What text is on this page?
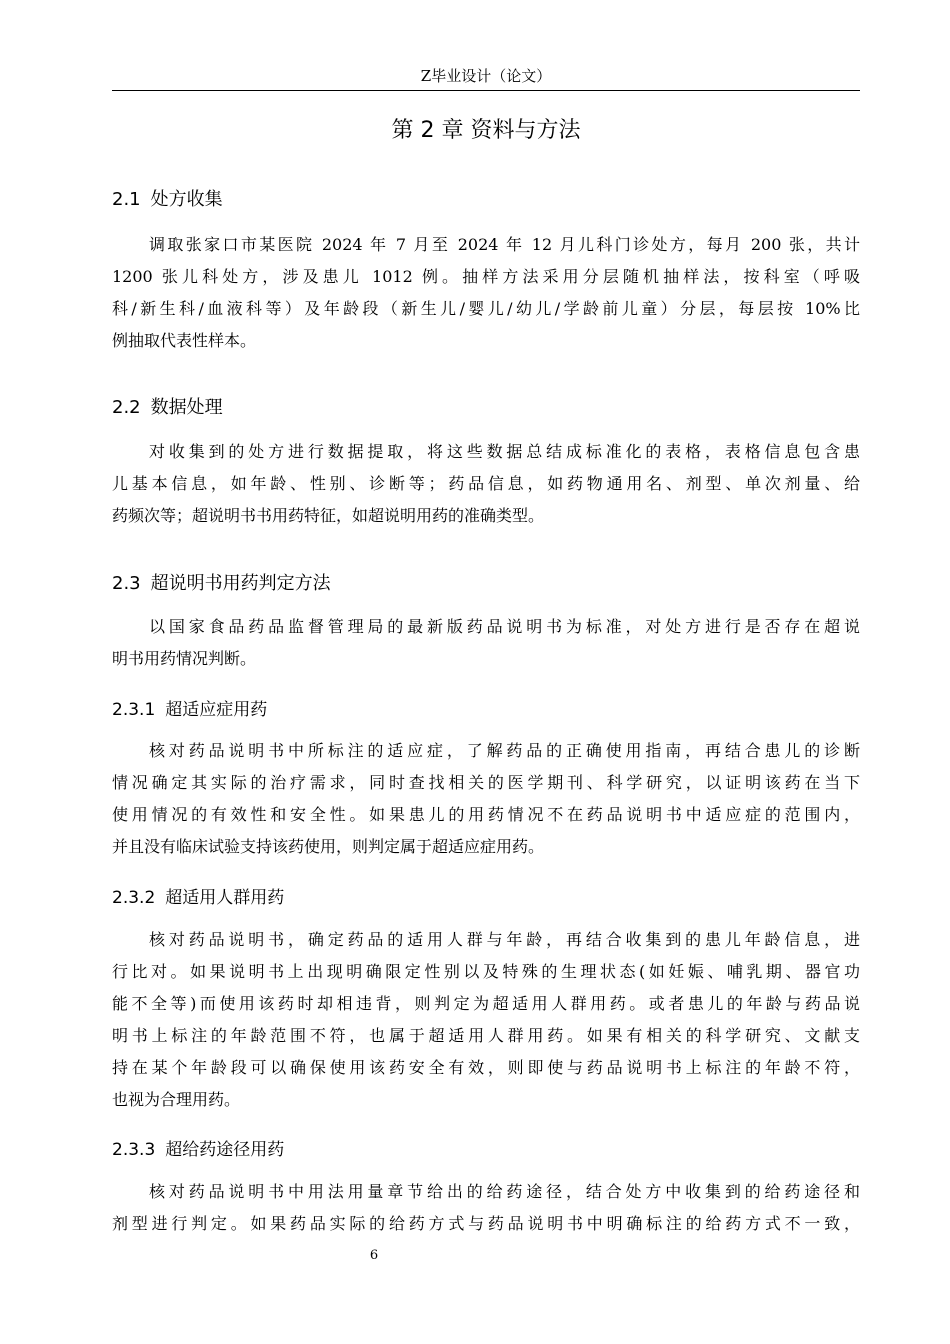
Z毕业设计（论文）
第 2 章 资料与方法
2.1 处方收集
调取张家口市某医院 2024 年 7 月至 2024 年 12 月儿科门诊处方，每月 200 张，共计
1200 张儿科处方，涉及患儿 1012 例。抽样方法采用分层随机抽样法，按科室（呼吸
科/新生科/血液科等）及年龄段（新生儿/婴儿/幼儿/学龄前儿童）分层，每层按 10%比
例抽取代表性样本。
2.2 数据处理
对收集到的处方进行数据提取，将这些数据总结成标准化的表格，表格信息包含患
儿基本信息，如年龄、性别、诊断等；药品信息，如药物通用名、剂型、单次剂量、给
药频次等；超说明书书用药特征，如超说明用药的准确类型。
2.3 超说明书用药判定方法
以国家食品药品监督管理局的最新版药品说明书为标准，对处方进行是否存在超说
明书用药情况判断。
2.3.1 超适应症用药
核对药品说明书中所标注的适应症，了解药品的正确使用指南，再结合患儿的诊断
情况确定其实际的治疗需求，同时查找相关的医学期刊、科学研究，以证明该药在当下
使用情况的有效性和安全性。如果患儿的用药情况不在药品说明书中适应症的范围内，
并且没有临床试验支持该药使用，则判定属于超适应症用药。
2.3.2 超适用人群用药
核对药品说明书，确定药品的适用人群与年龄，再结合收集到的患儿年龄信息，进
行比对。如果说明书上出现明确限定性别以及特殊的生理状态(如妊娠、哺乳期、器官功
能不全等)而使用该药时却相违背，则判定为超适用人群用药。或者患儿的年龄与药品说
明书上标注的年龄范围不符，也属于超适用人群用药。如果有相关的科学研究、文献支
持在某个年龄段可以确保使用该药安全有效，则即使与药品说明书上标注的年龄不符，
也视为合理用药。
2.3.3 超给药途径用药
核对药品说明书中用法用量章节给出的给药途径，结合处方中收集到的给药途径和
剂型进行判定。如果药品实际的给药方式与药品说明书中明确标注的给药方式不一致，
6
